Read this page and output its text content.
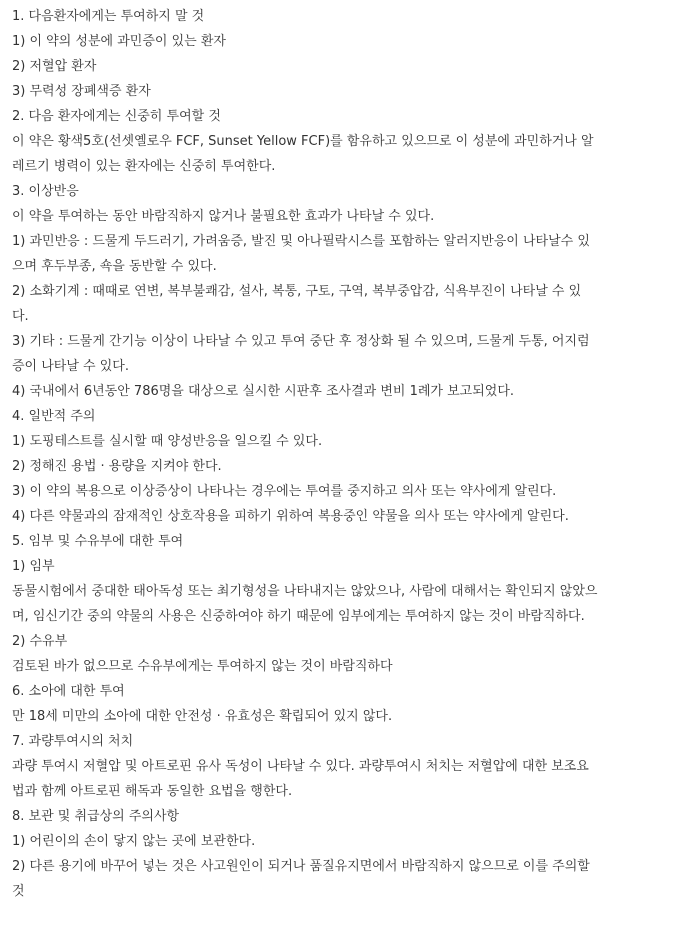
1. 다음환자에게는 투여하지 말 것
1) 이 약의 성분에 과민증이 있는 환자
2) 저혈압 환자
3) 무력성 장폐색증 환자
2. 다음 환자에게는 신중히 투여할 것
이 약은 황색5호(선셋옐로우 FCF, Sunset Yellow FCF)를 함유하고 있으므로 이 성분에 과민하거나 알
레르기 병력이 있는 환자에는 신중히 투여한다.
3. 이상반응
이 약을 투여하는 동안 바람직하지 않거나 불필요한 효과가 나타날 수 있다.
1) 과민반응 : 드물게 두드러기, 가려움증, 발진 및 아나필락시스를 포함하는 알러지반응이 나타날수 있
으며 후두부종, 쇽을 동반할 수 있다.
2) 소화기계 : 때때로 연변, 복부불쾌감, 설사, 복통, 구토, 구역, 복부중압감, 식욕부진이 나타날 수 있
다.
3) 기타 : 드물게 간기능 이상이 나타날 수 있고 투여 중단 후 정상화 될 수 있으며, 드물게 두통, 어지럼
증이 나타날 수 있다.
4) 국내에서 6년동안 786명을 대상으로 실시한 시판후 조사결과 변비 1례가 보고되었다.
4. 일반적 주의
1) 도핑테스트를 실시할 때 양성반응을 일으킬 수 있다.
2) 정해진 용법 · 용량을 지켜야 한다.
3) 이 약의 복용으로 이상증상이 나타나는 경우에는 투여를 중지하고 의사 또는 약사에게 알린다.
4) 다른 약물과의 잠재적인 상호작용을 피하기 위하여 복용중인 약물을 의사 또는 약사에게 알린다.
5. 임부 및 수유부에 대한 투여
1) 임부
동물시험에서 중대한 태아독성 또는 최기형성을 나타내지는 않았으나, 사람에 대해서는 확인되지 않았으
며, 임신기간 중의 약물의 사용은 신중하여야 하기 때문에 임부에게는 투여하지 않는 것이 바람직하다.
2) 수유부
검토된 바가 없으므로 수유부에게는 투여하지 않는 것이 바람직하다
6. 소아에 대한 투여
만 18세 미만의 소아에 대한 안전성 · 유효성은 확립되어 있지 않다.
7. 과량투여시의 처치
과량 투여시 저혈압 및 아트로핀 유사 독성이 나타날 수 있다. 과량투여시 처치는 저혈압에 대한 보조요
법과 함께 아트로핀 해독과 동일한 요법을 행한다.
8. 보관 및 취급상의 주의사항
1) 어린이의 손이 닿지 않는 곳에 보관한다.
2) 다른 용기에 바꾸어 넣는 것은 사고원인이 되거나 품질유지면에서 바람직하지 않으므로 이를 주의할
것
